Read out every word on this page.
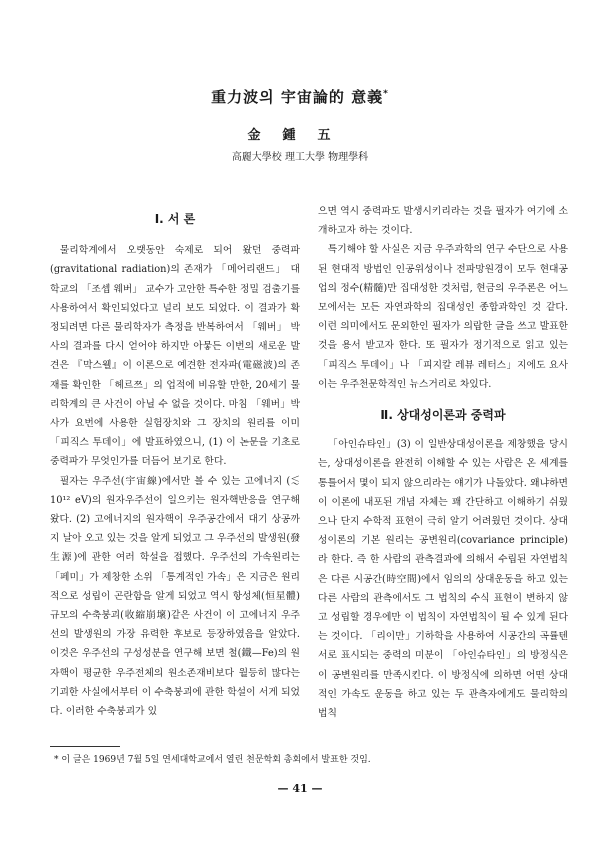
重力波의 宇宙論的 意義*
金鍾五
高麗大學校 理工大學 物理學科
Ⅰ. 서 론

물리학계에서 오랫동안 숙제로 되어 왔던 중력파 (gravitational radiation)의 존재가 「메어리랜드」 대학교의 「조셉 웨버」 교수가 고안한 특수한 정밀 검출기를 사용하여서 확인되었다고 널리 보도 되었다. 이 결과가 확정되려면 다른 물리학자가 측정을 반복하여서 「웨버」 박사의 결과를 다시 얻어야 하지만 아뭏든 이번의 새로운 발견은 『막스웰』이 이론으로 예견한 전자파(電磁波)의 존재를 확인한 「헤르쯔」의 업적에 비유할 만한, 20세기 물리학계의 큰 사건이 아닐 수 없을 것이다. 마침 「웨버」박사가 요번에 사용한 실험장치와 그 장치의 원리를 이미 「피직스 투데이」에 발표하였으니, (1) 이 논문을 기초로 중력파가 무엇인가를 더듬어 보기로 한다.

필자는 우주선(宇宙線)에서만 볼 수 있는 고에너지 (≲ 10¹² eV)의 원자우주선이 일으키는 원자핵반응을 연구해 왔다. (2) 고에너지의 원자핵이 우주공간에서 대기 상공까지 날아 오고 있는 것을 알게 되었고 그 우주선의 발생원(發生源)에 관한 여러 학설을 접했다. 우주선의 가속원리는 「페미」가 제창한 소위 「통계적인 가속」은 지금은 원리적으로 성립이 곤란함을 알게 되었고 역시 항성체(恒星體) 규모의 수축붕괴(收縮崩壞)같은 사건이 이 고에너지 우주선의 발생원의 가장 유력한 후보로 등장하였음을 알았다. 이것은 우주선의 구성성분을 연구해 보면 철(鐵—Fe)의 원자핵이 평균한 우주전체의 원소존재비보다 월등히 많다는 기괴한 사실에서부터 이 수축붕괴에 관한 학설이 서게 되었다. 이러한 수축붕괴가 있

으면 역시 중력파도 발생시키리라는 것을 필자가 여기에 소개하고자 하는 것이다.

특기해야 할 사실은 지금 우주과학의 연구 수단으로 사용된 현대적 방법인 인공위성이나 전파망원경이 모두 현대공업의 정수(精髓)만 집대성한 것처럼, 현금의 우주론은 어느 모에서는 모든 자연과학의 집대성인 종합과학인 것 같다. 이런 의미에서도 문외한인 필자가 의랍한 글을 쓰고 발표한 것을 용서 받고자 한다. 또 필자가 정기적으로 읽고 있는 「피직스 투데이」나 「피지칼 레뷰 레터스」지에도 요사이는 우주천문학적인 뉴스거리로 차있다.

Ⅱ. 상대성이론과 중력파

「아인슈타인」(3) 이 일반상대성이론을 제창했을 당시는, 상대성이론을 완전히 이해할 수 있는 사람은 온 세계를 통틀어서 몇이 되지 않으리라는 얘기가 나돌았다. 왜냐하면 이 이론에 내포된 개념 자체는 꽤 간단하고 이해하기 쉬웠으나 단지 수학적 표현이 극히 알기 어려웠던 것이다. 상대성이론의 기본 원리는 공변원리(covariance principle)라 한다. 즉 한 사람의 관측결과에 의해서 수립된 자연법칙은 다른 시공간(時空間)에서 임의의 상대운동을 하고 있는 다른 사람의 관측에서도 그 법칙의 수식 표현이 변하지 않고 성립할 경우에만 이 법칙이 자연법칙이 될 수 있게 된다는 것이다. 「리이만」기하학을 사용하여 시공간의 곡률텐서로 표시되는 중력의 미분이 「아인슈타인」의 방정식은 이 공변원리를 만족시킨다. 이 방정식에 의하면 어떤 상대적인 가속도 운동을 하고 있는 두 관측자에게도 물리학의 법칙

* 이 글은 1969년 7월 5일 연세대학교에서 열린 천문학회 총회에서 발표한 것임.
— 41 —
